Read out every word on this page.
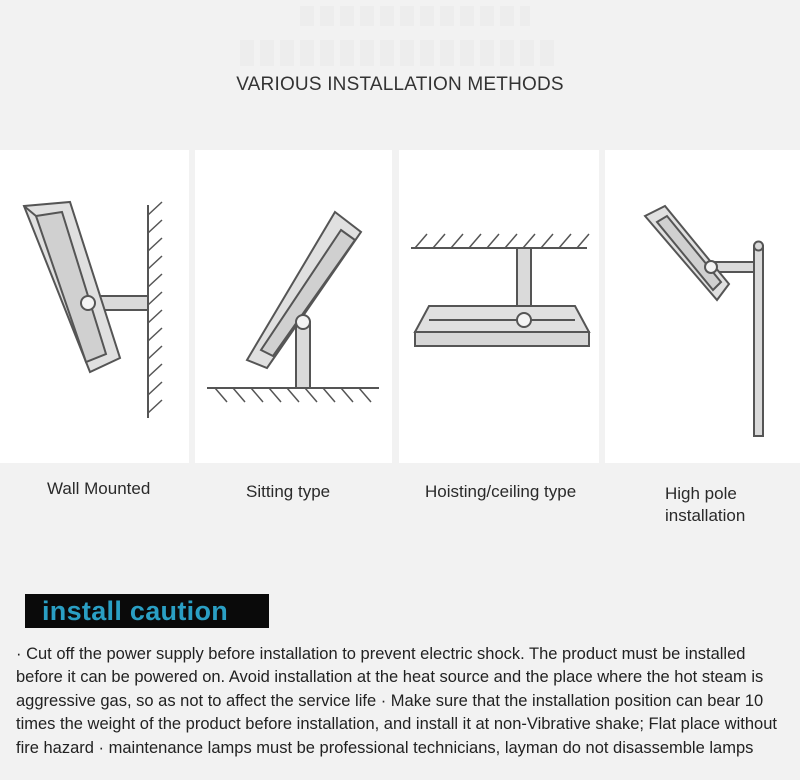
VARIOUS INSTALLATION METHODS
Wall Mounted	Sitting type	Hoisting/ceiling type	High pole
installation
install caution
· Cut off the power supply before installation to prevent electric shock. The product must be installed before it can be powered on. Avoid installation at the heat source and the place where the hot steam is aggressive gas, so as not to affect the service life · Make sure that the installation position can bear 10 times the weight of the product before installation, and install it at non-Vibrative shake; Flat place without fire hazard · maintenance lamps must be professional technicians, layman do not disassemble lamps
